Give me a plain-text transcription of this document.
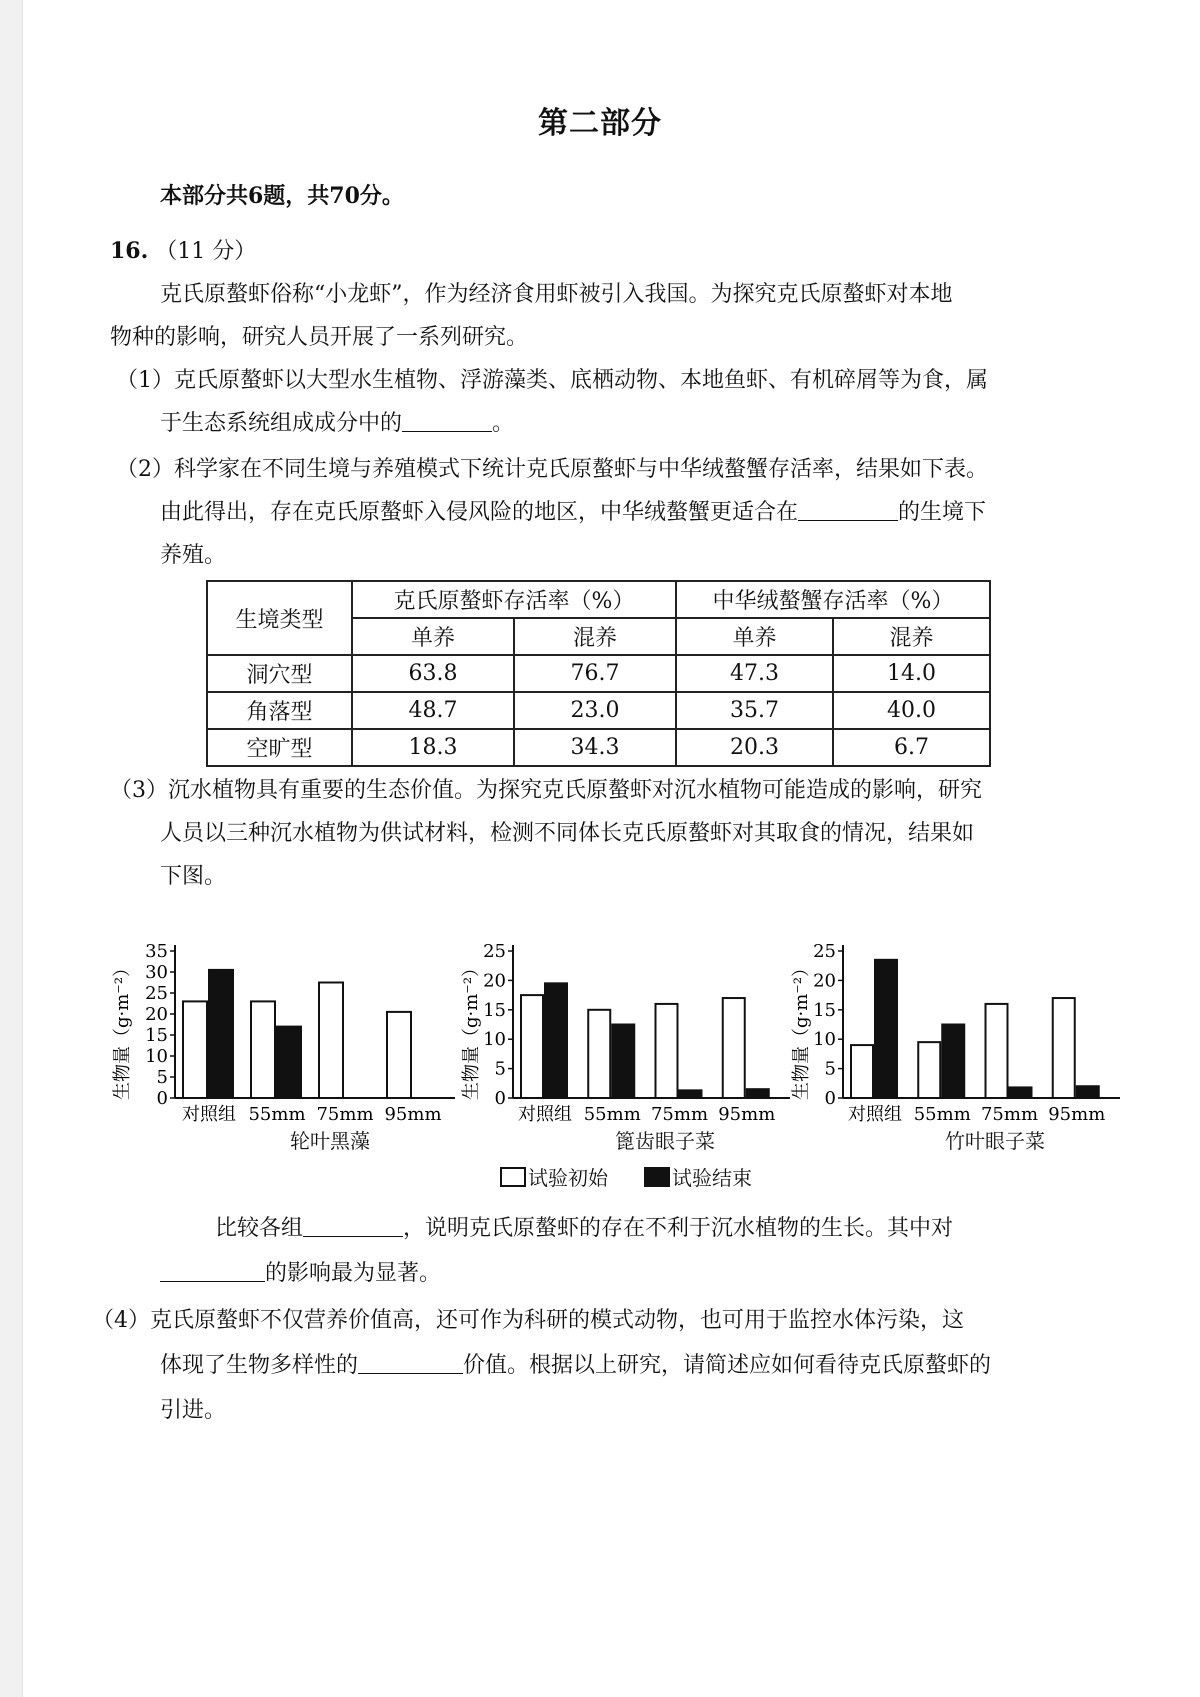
第二部分
本部分共6题，共70分。
16. （11 分）
克氏原螯虾俗称“小龙虾”，作为经济食用虾被引入我国。为探究克氏原螯虾对本地
物种的影响，研究人员开展了一系列研究。
（1）克氏原螯虾以大型水生植物、浮游藻类、底栖动物、本地鱼虾、有机碎屑等为食，属
于生态系统组成成分中的	。
（2）科学家在不同生境与养殖模式下统计克氏原螯虾与中华绒螯蟹存活率，结果如下表。
由此得出，存在克氏原螯虾入侵风险的地区，中华绒螯蟹更适合在	的生境下
养殖。
生境类型	克氏原螯虾存活率（%）		中华绒螯蟹存活率（%）	
	单养	混养	单养	混养
洞穴型	63.8	76.7	47.3	14.0
角落型	48.7	23.0	35.7	40.0
空旷型	18.3	34.3	20.3	6.7
（3）沉水植物具有重要的生态价值。为探究克氏原螯虾对沉水植物可能造成的影响，研究
人员以三种沉水植物为供试材料，检测不同体长克氏原螯虾对其取食的情况，结果如
下图。
生物量（g·m⁻²） 0
5
10
15
20
25
30
35
对照组 55mm 75mm 95mm
轮叶黑藻
生物量（g·m⁻²） 0
5
10
15
20
25
对照组 55mm 75mm 95mm
篦齿眼子菜
生物量（g·m⁻²） 0
5
10
15
20
25
对照组 55mm 75mm 95mm
竹叶眼子菜
试验初始	试验结束
比较各组	，说明克氏原螯虾的存在不利于沉水植物的生长。其中对
的影响最为显著。
（4）克氏原螯虾不仅营养价值高，还可作为科研的模式动物，也可用于监控水体污染，这
体现了生物多样性的	价值。根据以上研究，请简述应如何看待克氏原螯虾的
引进。
